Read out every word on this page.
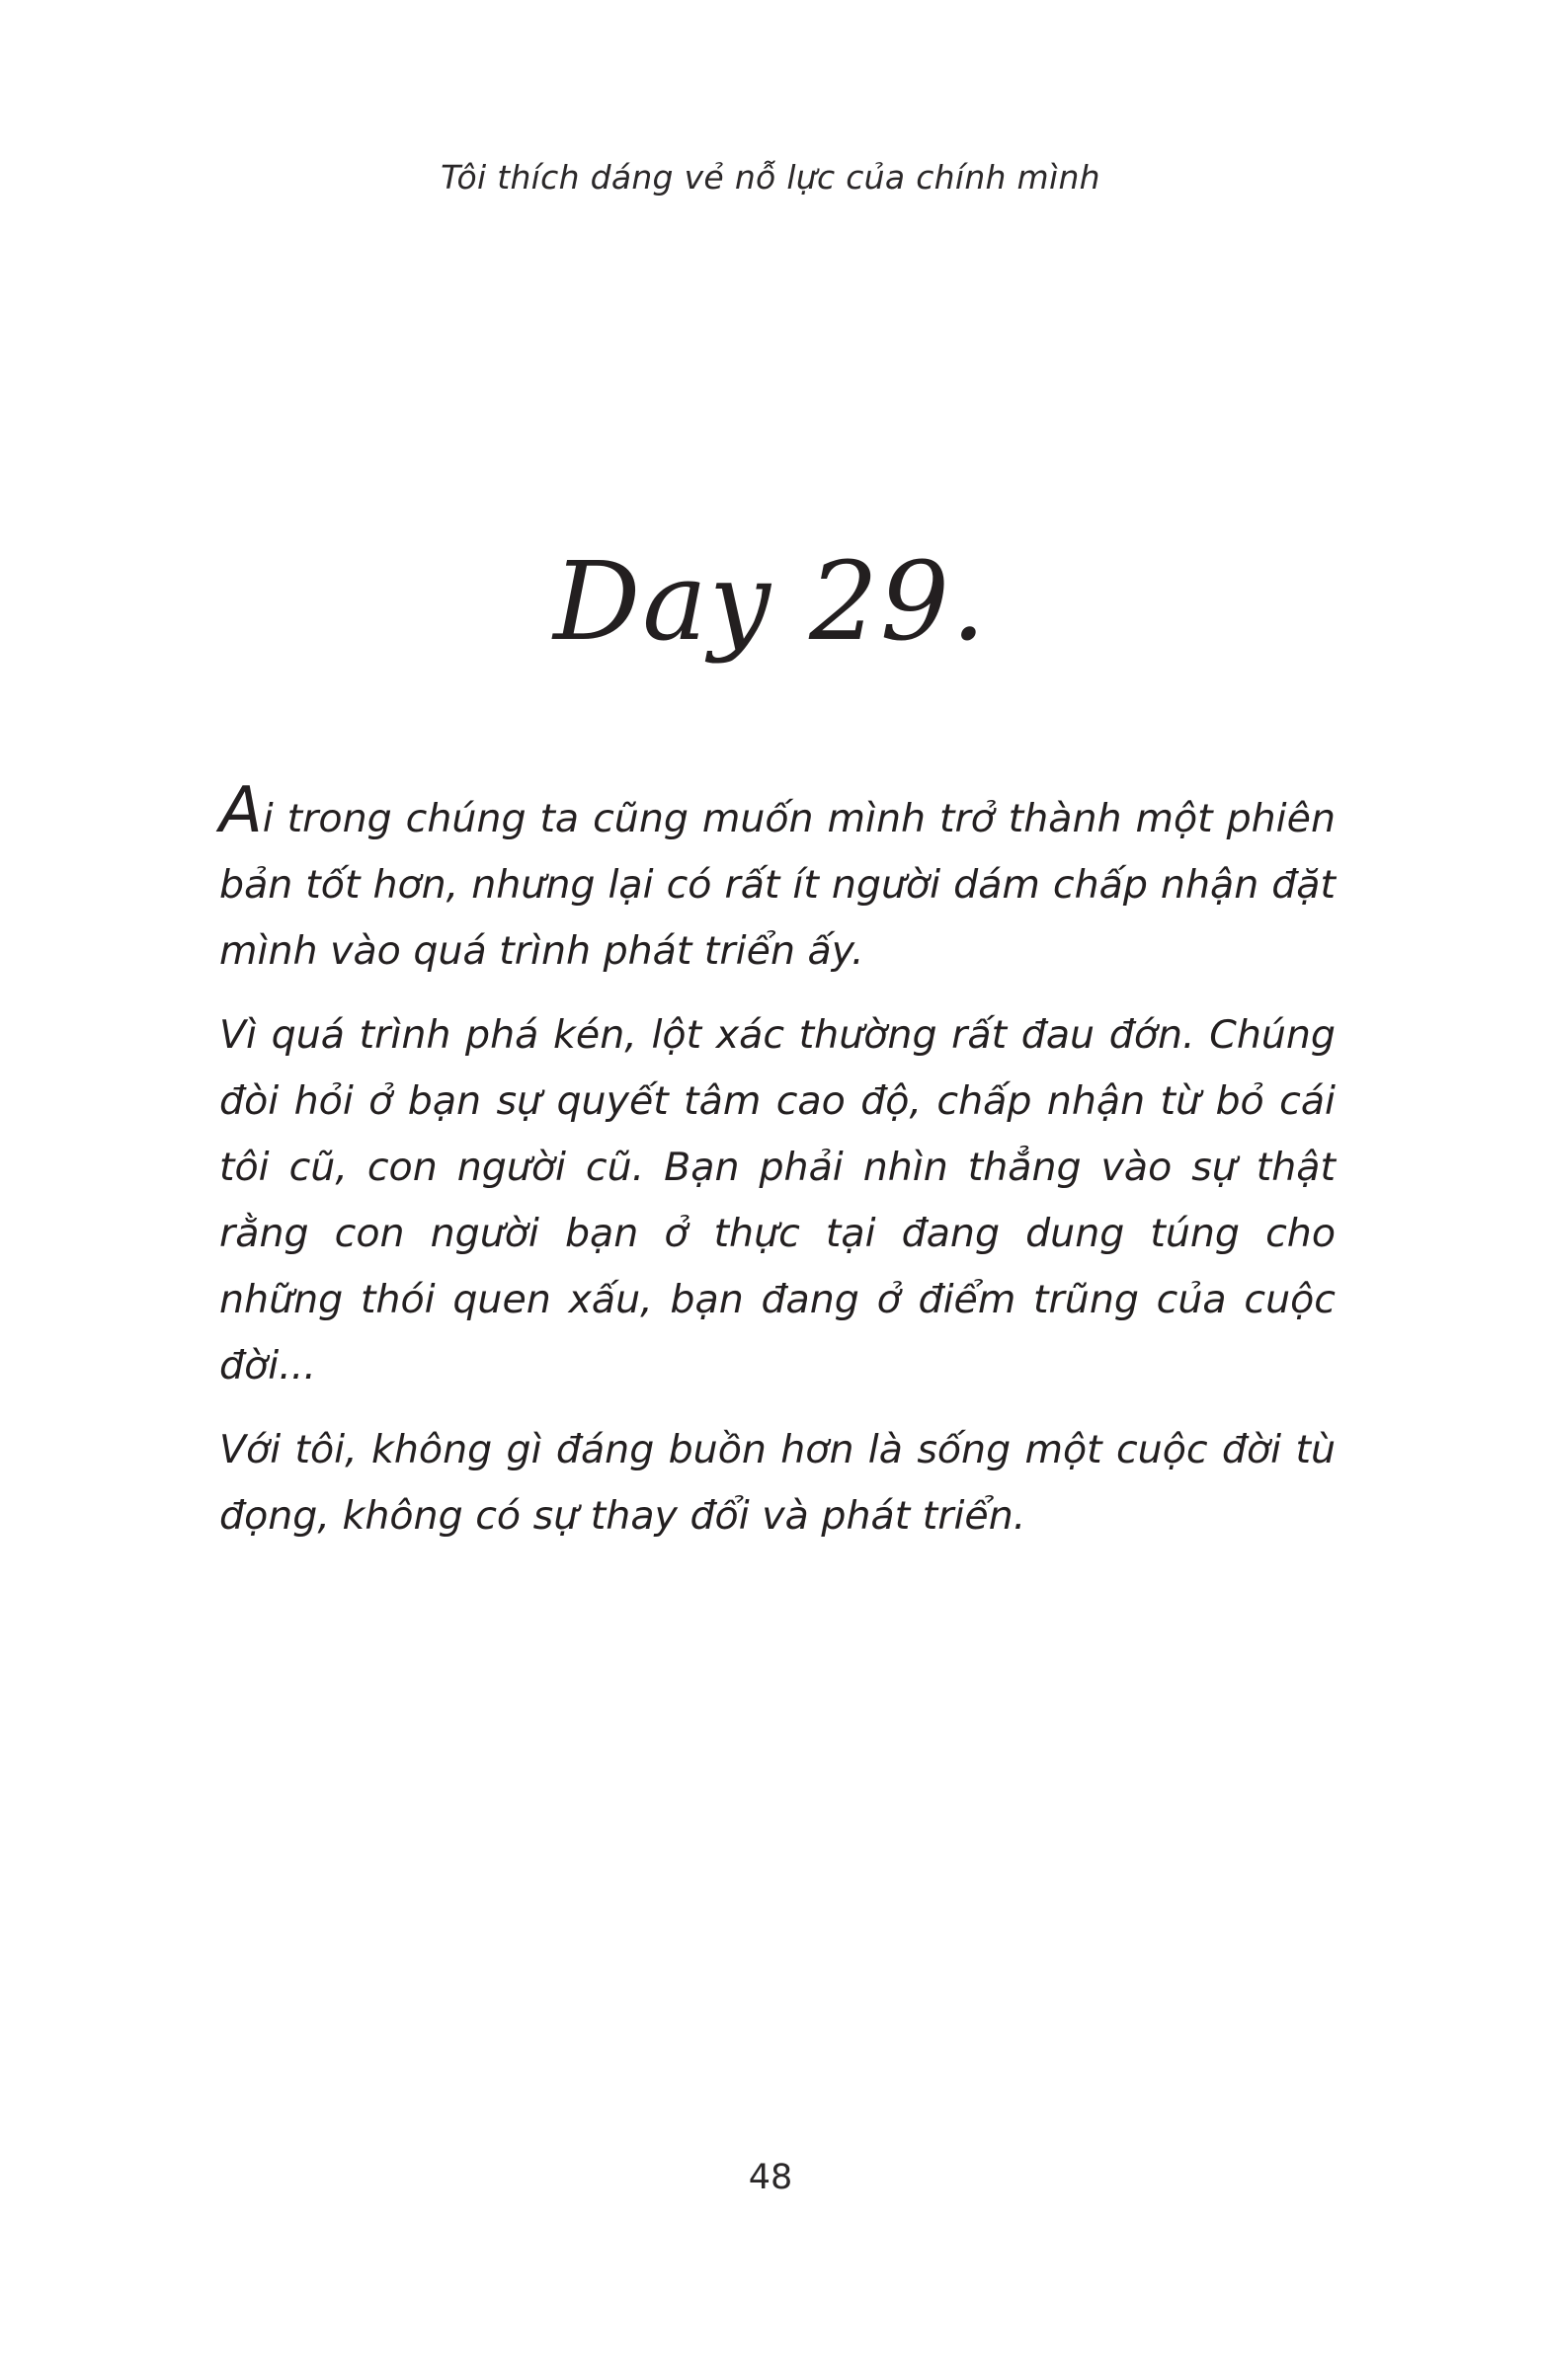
Tôi thích dáng vẻ nỗ lực của chính mình
Day 29.

Ai trong chúng ta cũng muốn mình trở thành một phiên bản tốt hơn, nhưng lại có rất ít người dám chấp nhận đặt mình vào quá trình phát triển ấy.

Vì quá trình phá kén, lột xác thường rất đau đớn. Chúng đòi hỏi ở bạn sự quyết tâm cao độ, chấp nhận từ bỏ cái tôi cũ, con người cũ. Bạn phải nhìn thẳng vào sự thật rằng con người bạn ở thực tại đang dung túng cho những thói quen xấu, bạn đang ở điểm trũng của cuộc đời...

Với tôi, không gì đáng buồn hơn là sống một cuộc đời tù đọng, không có sự thay đổi và phát triển.

48
